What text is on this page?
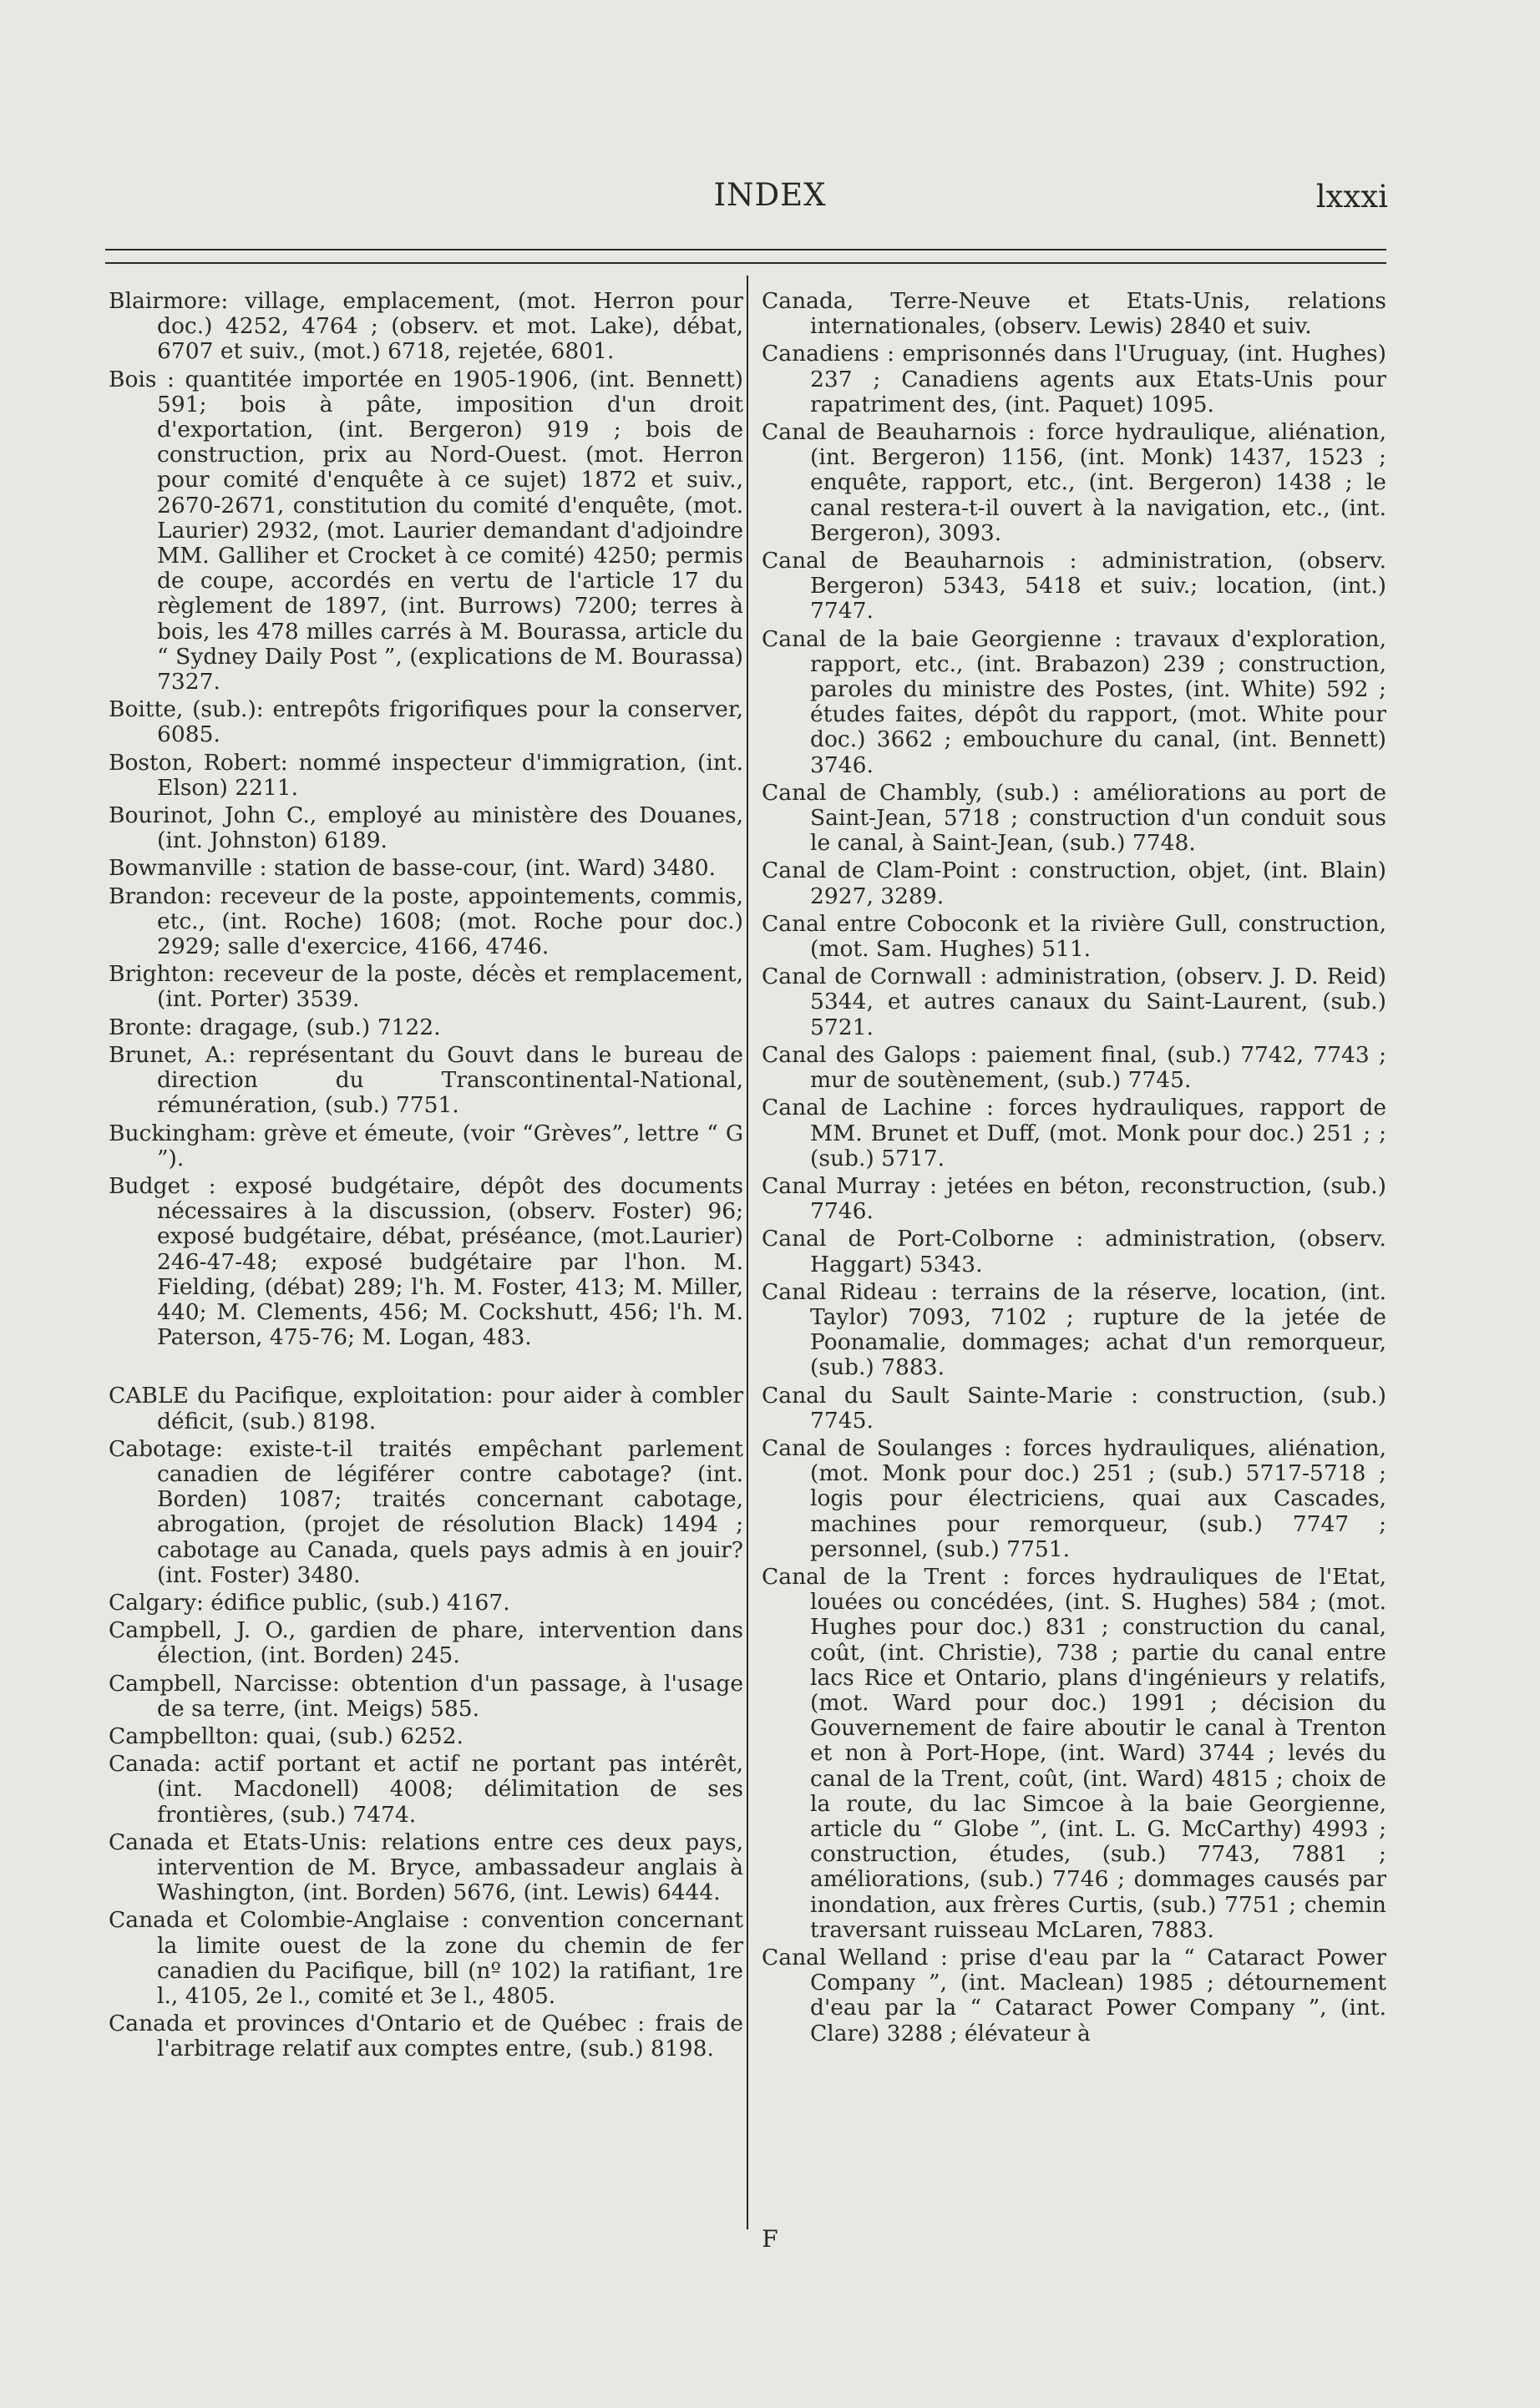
INDEX	lxxxi

Blairmore: village, emplacement, (mot. Herron pour doc.) 4252, 4764 ; (observ. et mot. Lake), débat, 6707 et suiv., (mot.) 6718, rejetée, 6801.

Bois : quantitée importée en 1905-1906, (int. Bennett) 591; bois à pâte, imposition d'un droit d'exportation, (int. Bergeron) 919 ; bois de construction, prix au Nord-Ouest. (mot. Herron pour comité d'enquête à ce sujet) 1872 et suiv., 2670-2671, constitution du comité d'enquête, (mot. Laurier) 2932, (mot. Laurier demandant d'adjoindre MM. Galliher et Crocket à ce comité) 4250; permis de coupe, accordés en vertu de l'article 17 du règlement de 1897, (int. Burrows) 7200; terres à bois, les 478 milles carrés à M. Bourassa, article du “ Sydney Daily Post ”, (explications de M. Bourassa) 7327.

Boitte, (sub.): entrepôts frigorifiques pour la conserver, 6085.

Boston, Robert: nommé inspecteur d'immigration, (int. Elson) 2211.

Bourinot, John C., employé au ministère des Douanes, (int. Johnston) 6189.

Bowmanville : station de basse-cour, (int. Ward) 3480.

Brandon: receveur de la poste, appointements, commis, etc., (int. Roche) 1608; (mot. Roche pour doc.) 2929; salle d'exercice, 4166, 4746.

Brighton: receveur de la poste, décès et remplacement, (int. Porter) 3539.

Bronte: dragage, (sub.) 7122.

Brunet, A.: représentant du Gouvt dans le bureau de direction du Transcontinental-National, rémunération, (sub.) 7751.

Buckingham: grève et émeute, (voir “Grèves”, lettre “ G ”).

Budget : exposé budgétaire, dépôt des documents nécessaires à la discussion, (observ. Foster) 96; exposé budgétaire, débat, préséance, (mot.Laurier) 246-47-48; exposé budgétaire par l'hon. M. Fielding, (débat) 289; l'h. M. Foster, 413; M. Miller, 440; M. Clements, 456; M. Cockshutt, 456; l'h. M. Paterson, 475-76; M. Logan, 483.

CABLE du Pacifique, exploitation: pour aider à combler déficit, (sub.) 8198.

Cabotage: existe-t-il traités empêchant parlement canadien de légiférer contre cabotage? (int. Borden) 1087; traités concernant cabotage, abrogation, (projet de résolution Black) 1494 ; cabotage au Canada, quels pays admis à en jouir? (int. Foster) 3480.

Calgary: édifice public, (sub.) 4167.

Campbell, J. O., gardien de phare, intervention dans élection, (int. Borden) 245.

Campbell, Narcisse: obtention d'un passage, à l'usage de sa terre, (int. Meigs) 585.

Campbellton: quai, (sub.) 6252.

Canada: actif portant et actif ne portant pas intérêt, (int. Macdonell) 4008; délimitation de ses frontières, (sub.) 7474.

Canada et Etats-Unis: relations entre ces deux pays, intervention de M. Bryce, ambassadeur anglais à Washington, (int. Borden) 5676, (int. Lewis) 6444.

Canada et Colombie-Anglaise : convention concernant la limite ouest de la zone du chemin de fer canadien du Pacifique, bill (nº 102) la ratifiant, 1re l., 4105, 2e l., comité et 3e l., 4805.

Canada et provinces d'Ontario et de Québec : frais de l'arbitrage relatif aux comptes entre, (sub.) 8198.

Canada, Terre-Neuve et Etats-Unis, relations internationales, (observ. Lewis) 2840 et suiv.

Canadiens : emprisonnés dans l'Uruguay, (int. Hughes) 237 ; Canadiens agents aux Etats-Unis pour rapatriment des, (int. Paquet) 1095.

Canal de Beauharnois : force hydraulique, aliénation, (int. Bergeron) 1156, (int. Monk) 1437, 1523 ; enquête, rapport, etc., (int. Bergeron) 1438 ; le canal restera-t-il ouvert à la navigation, etc., (int. Bergeron), 3093.

Canal de Beauharnois : administration, (observ. Bergeron) 5343, 5418 et suiv.; location, (int.) 7747.

Canal de la baie Georgienne : travaux d'exploration, rapport, etc., (int. Brabazon) 239 ; construction, paroles du ministre des Postes, (int. White) 592 ; études faites, dépôt du rapport, (mot. White pour doc.) 3662 ; embouchure du canal, (int. Bennett) 3746.

Canal de Chambly, (sub.) : améliorations au port de Saint-Jean, 5718 ; construction d'un conduit sous le canal, à Saint-Jean, (sub.) 7748.

Canal de Clam-Point : construction, objet, (int. Blain) 2927, 3289.

Canal entre Coboconk et la rivière Gull, construction, (mot. Sam. Hughes) 511.

Canal de Cornwall : administration, (observ. J. D. Reid) 5344, et autres canaux du Saint-Laurent, (sub.) 5721.

Canal des Galops : paiement final, (sub.) 7742, 7743 ; mur de soutènement, (sub.) 7745.

Canal de Lachine : forces hydrauliques, rapport de MM. Brunet et Duff, (mot. Monk pour doc.) 251 ; ; (sub.) 5717.

Canal Murray : jetées en béton, reconstruction, (sub.) 7746.

Canal de Port-Colborne : administration, (observ. Haggart) 5343.

Canal Rideau : terrains de la réserve, location, (int. Taylor) 7093, 7102 ; rupture de la jetée de Poonamalie, dommages; achat d'un remorqueur, (sub.) 7883.

Canal du Sault Sainte-Marie : construction, (sub.) 7745.

Canal de Soulanges : forces hydrauliques, aliénation, (mot. Monk pour doc.) 251 ; (sub.) 5717-5718 ; logis pour électriciens, quai aux Cascades, machines pour remorqueur, (sub.) 7747 ; personnel, (sub.) 7751.

Canal de la Trent : forces hydrauliques de l'Etat, louées ou concédées, (int. S. Hughes) 584 ; (mot. Hughes pour doc.) 831 ; construction du canal, coût, (int. Christie), 738 ; partie du canal entre lacs Rice et Ontario, plans d'ingénieurs y relatifs, (mot. Ward pour doc.) 1991 ; décision du Gouvernement de faire aboutir le canal à Trenton et non à Port-Hope, (int. Ward) 3744 ; levés du canal de la Trent, coût, (int. Ward) 4815 ; choix de la route, du lac Simcoe à la baie Georgienne, article du “ Globe ”, (int. L. G. McCarthy) 4993 ; construction, études, (sub.) 7743, 7881 ; améliorations, (sub.) 7746 ; dommages causés par inondation, aux frères Curtis, (sub.) 7751 ; chemin traversant ruisseau McLaren, 7883.

Canal Welland : prise d'eau par la “ Cataract Power Company ”, (int. Maclean) 1985 ; détournement d'eau par la “ Cataract Power Company ”, (int. Clare) 3288 ; élévateur à

F
